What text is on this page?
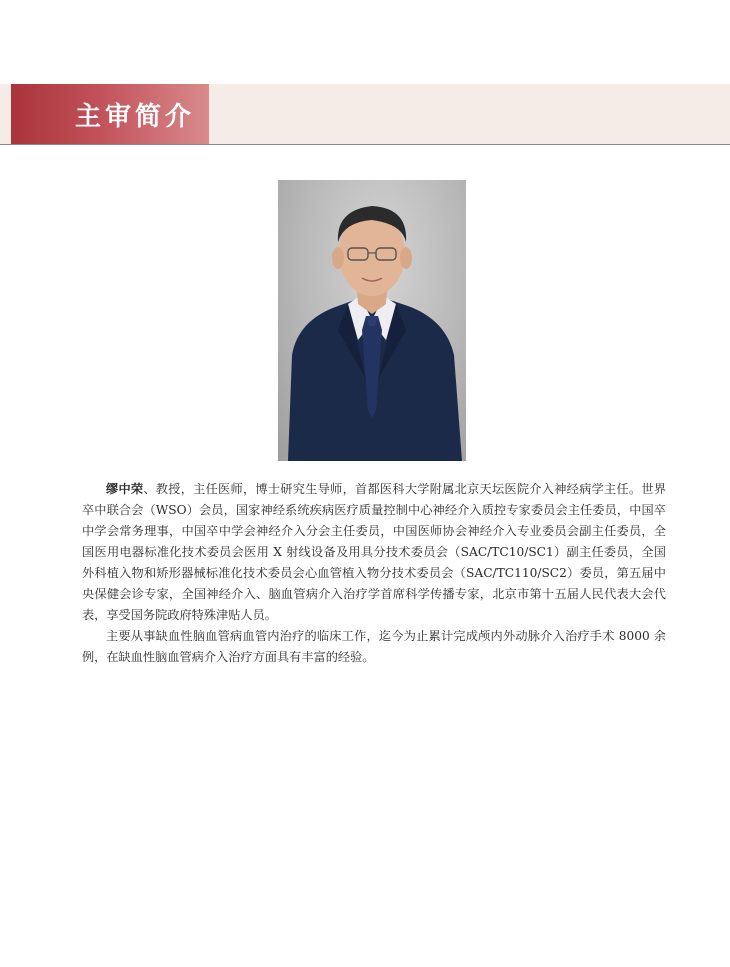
主审简介

缪中荣、教授，主任医师，博士研究生导师，首都医科大学附属北京天坛医院介入神经病学主任。世界卒中联合会（WSO）会员，国家神经系统疾病医疗质量控制中心神经介入质控专家委员会主任委员，中国卒中学会常务理事，中国卒中学会神经介入分会主任委员，中国医师协会神经介入专业委员会副主任委员，全国医用电器标准化技术委员会医用 X 射线设备及用具分技术委员会（SAC/TC10/SC1）副主任委员，全国外科植入物和矫形器械标准化技术委员会心血管植入物分技术委员会（SAC/TC110/SC2）委员，第五届中央保健会诊专家，全国神经介入、脑血管病介入治疗学首席科学传播专家，北京市第十五届人民代表大会代表，享受国务院政府特殊津贴人员。

主要从事缺血性脑血管病血管内治疗的临床工作，迄今为止累计完成颅内外动脉介入治疗手术 8000 余例，在缺血性脑血管病介入治疗方面具有丰富的经验。
